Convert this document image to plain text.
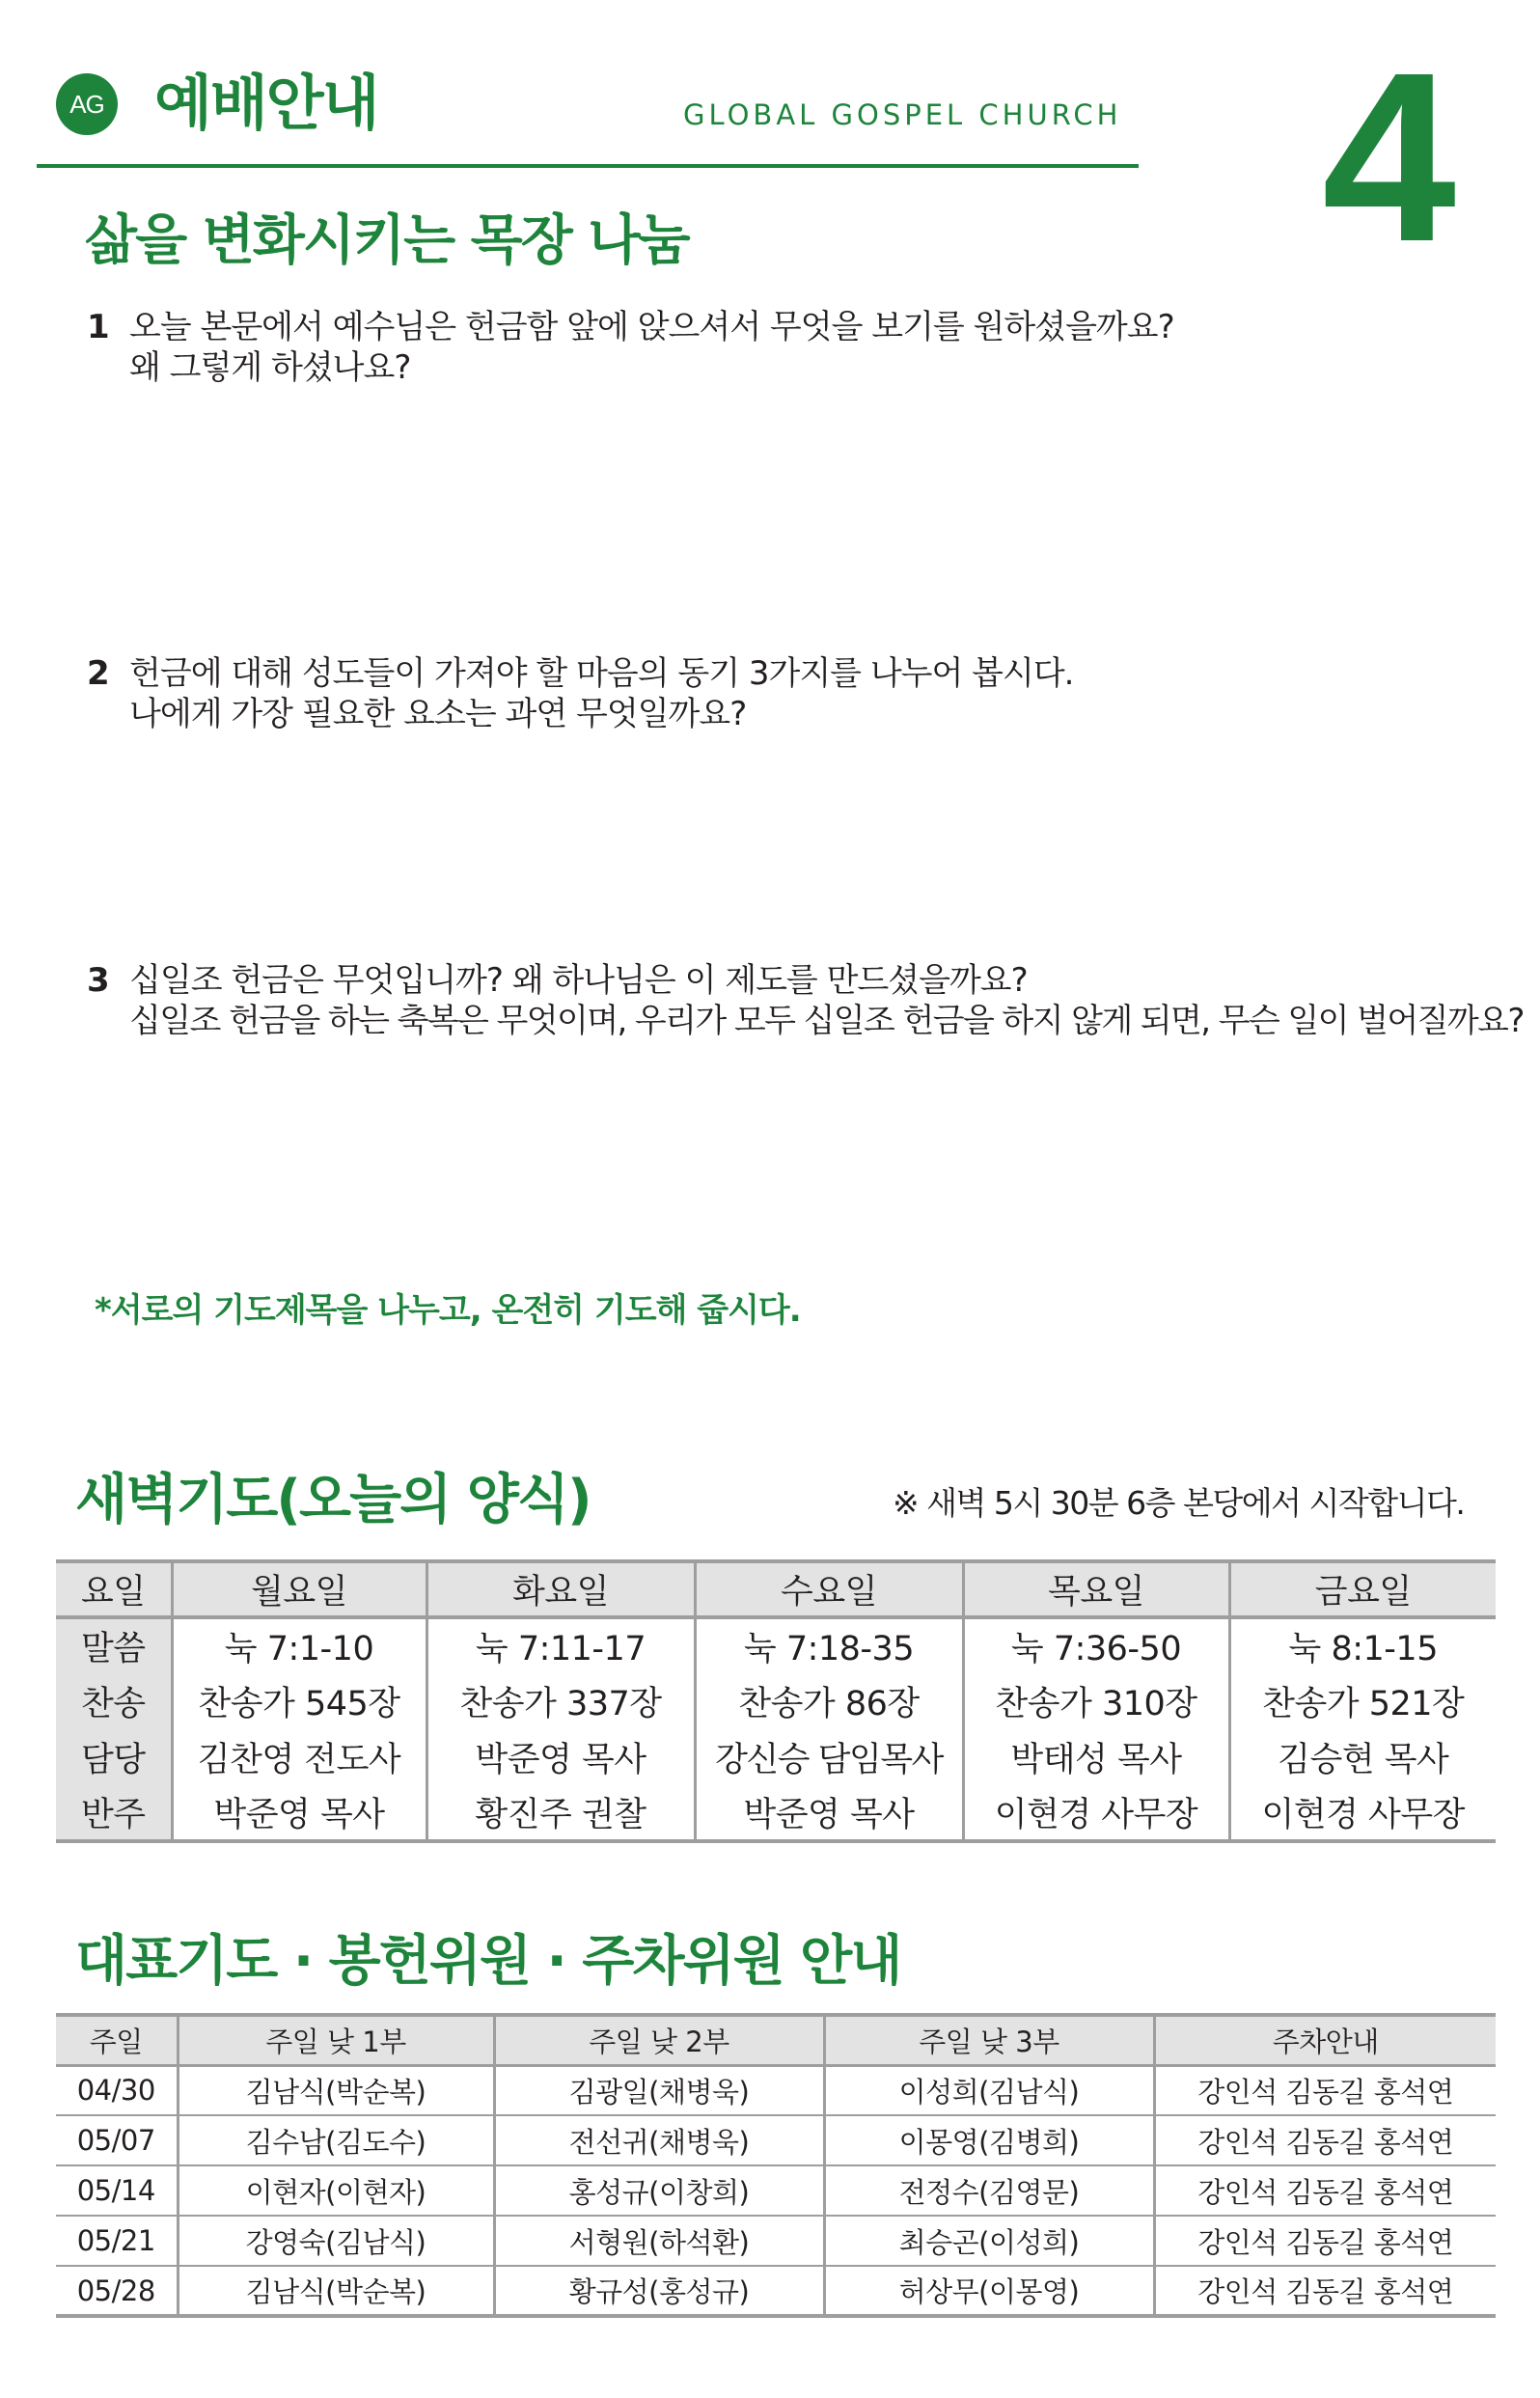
AG 예배안내	GLOBAL GOSPEL CHURCH 4
삶을 변화시키는 목장 나눔
1 오늘 본문에서 예수님은 헌금함 앞에 앉으셔서 무엇을 보기를 원하셨을까요?
왜 그렇게 하셨나요?
2 헌금에 대해 성도들이 가져야 할 마음의 동기 3가지를 나누어 봅시다.
나에게 가장 필요한 요소는 과연 무엇일까요?
3 십일조 헌금은 무엇입니까? 왜 하나님은 이 제도를 만드셨을까요?
십일조 헌금을 하는 축복은 무엇이며, 우리가 모두 십일조 헌금을 하지 않게 되면, 무슨 일이 벌어질까요?
*서로의 기도제목을 나누고, 온전히 기도해 줍시다.
새벽기도(오늘의 양식)	※ 새벽 5시 30분 6층 본당에서 시작합니다.
요일	월요일	화요일	수요일	목요일	금요일
말씀	눅 7:1-10	눅 7:11-17	눅 7:18-35	눅 7:36-50	눅 8:1-15
찬송	찬송가 545장	찬송가 337장	찬송가 86장	찬송가 310장	찬송가 521장
담당	김찬영 전도사	박준영 목사	강신승 담임목사	박태성 목사	김승현 목사
반주	박준영 목사	황진주 권찰	박준영 목사	이현경 사무장	이현경 사무장
대표기도 · 봉헌위원 · 주차위원 안내
주일	주일 낮 1부	주일 낮 2부	주일 낮 3부	주차안내
04/30	김남식(박순복)	김광일(채병욱)	이성희(김남식)	강인석 김동길 홍석연
05/07	김수남(김도수)	전선귀(채병욱)	이몽영(김병희)	강인석 김동길 홍석연
05/14	이현자(이현자)	홍성규(이창희)	전정수(김영문)	강인석 김동길 홍석연
05/21	강영숙(김남식)	서형원(하석환)	최승곤(이성희)	강인석 김동길 홍석연
05/28	김남식(박순복)	황규성(홍성규)	허상무(이몽영)	강인석 김동길 홍석연
